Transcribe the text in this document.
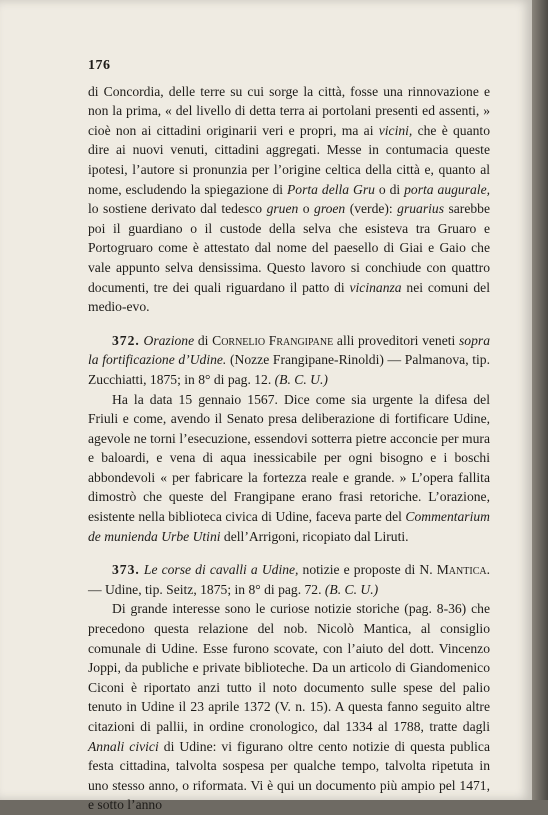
176

di Concordia, delle terre su cui sorge la città, fosse una rinnovazione e non la prima, « del livello di detta terra ai portolani presenti ed assenti, » cioè non ai cittadini originarii veri e propri, ma ai vicini, che è quanto dire ai nuovi venuti, cittadini aggregati. Messe in contumacia queste ipotesi, l’autore si pronunzia per l’origine celtica della città e, quanto al nome, escludendo la spiegazione di Porta della Gru o di porta augurale, lo sostiene derivato dal tedesco gruen o groen (verde): gruarius sarebbe poi il guardiano o il custode della selva che esisteva tra Gruaro e Portogruaro come è attestato dal nome del paesello di Giai e Gaio che vale appunto selva densissima. Questo lavoro si conchiude con quattro documenti, tre dei quali riguardano il patto di vicinanza nei comuni del medio-evo.

372. Orazione di Cornelio Frangipane alli proveditori veneti sopra la fortificazione d’Udine. (Nozze Frangipane-Rinoldi) — Palmanova, tip. Zucchiatti, 1875; in 8° di pag. 12. (B. C. U.)

Ha la data 15 gennaio 1567. Dice come sia urgente la difesa del Friuli e come, avendo il Senato presa deliberazione di fortificare Udine, agevole ne torni l’esecuzione, essendovi sotterra pietre acconcie per mura e baloardi, e vena di aqua inessicabile per ogni bisogno e i boschi abbondevoli « per fabricare la fortezza reale e grande. » L’opera fallita dimostrò che queste del Frangipane erano frasi retoriche. L’orazione, esistente nella biblioteca civica di Udine, faceva parte del Commentarium de munienda Urbe Utini dell’Arrigoni, ricopiato dal Liruti.

373. Le corse di cavalli a Udine, notizie e proposte di N. Mantica. — Udine, tip. Seitz, 1875; in 8° di pag. 72. (B. C. U.)

Di grande interesse sono le curiose notizie storiche (pag. 8-36) che precedono questa relazione del nob. Nicolò Mantica, al consiglio comunale di Udine. Esse furono scovate, con l’aiuto del dott. Vincenzo Joppi, da publiche e private biblioteche. Da un articolo di Giandomenico Ciconi è riportato anzi tutto il noto documento sulle spese del palio tenuto in Udine il 23 aprile 1372 (V. n. 15). A questa fanno seguito altre citazioni di pallii, in ordine cronologico, dal 1334 al 1788, tratte dagli Annali civici di Udine: vi figurano oltre cento notizie di questa publica festa cittadina, talvolta sospesa per qualche tempo, talvolta ripetuta in uno stesso anno, o riformata. Vi è qui un documento più ampio pel 1471, e sotto l’anno
